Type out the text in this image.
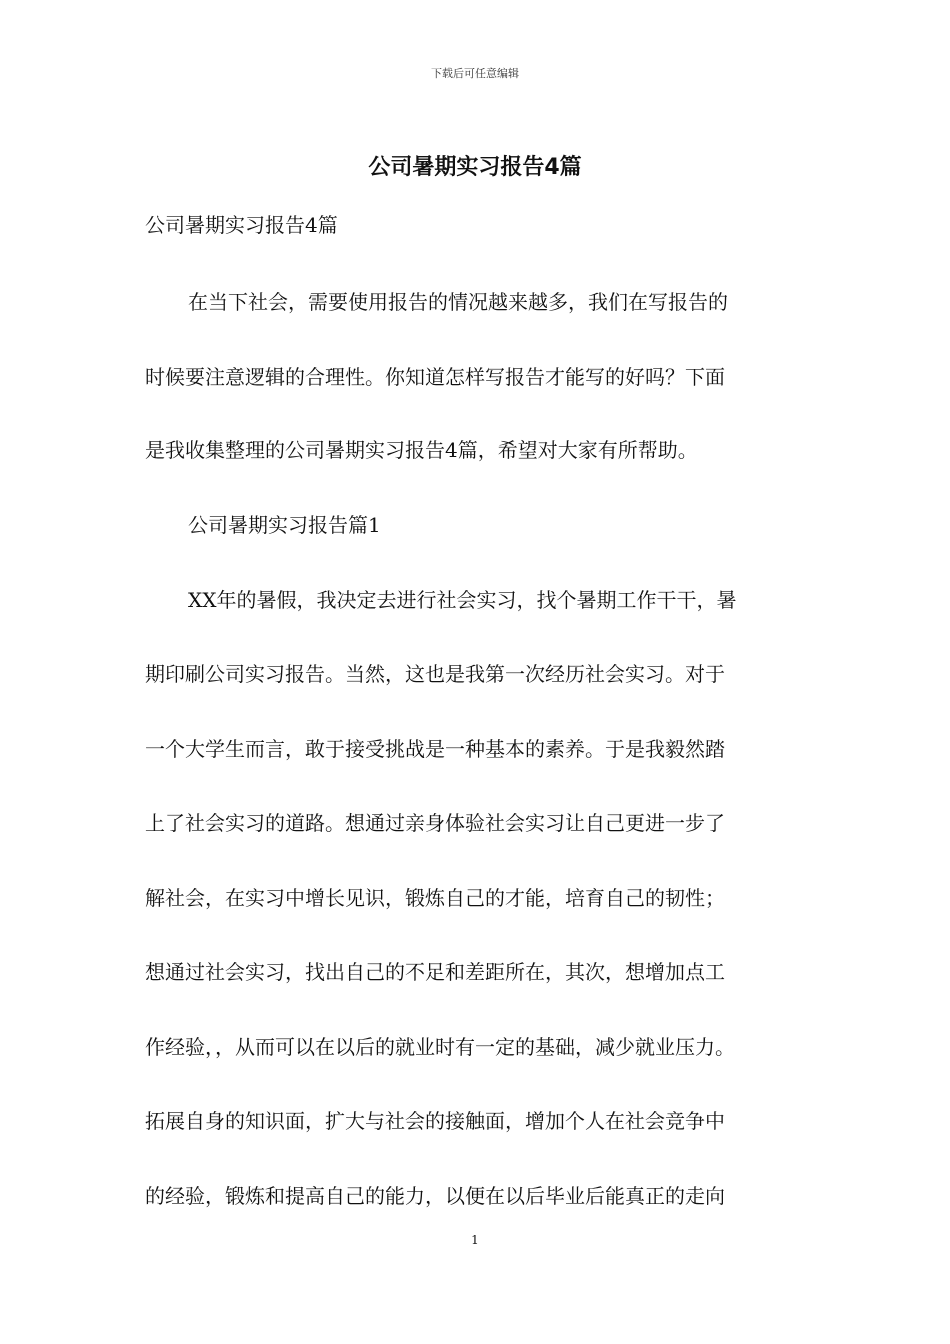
下载后可任意编辑
公司暑期实习报告4篇
公司暑期实习报告4篇
在当下社会，需要使用报告的情况越来越多，我们在写报告的
时候要注意逻辑的合理性。你知道怎样写报告才能写的好吗？下面
是我收集整理的公司暑期实习报告4篇，希望对大家有所帮助。
公司暑期实习报告篇1
XX年的暑假，我决定去进行社会实习，找个暑期工作干干，暑
期印刷公司实习报告。当然，这也是我第一次经历社会实习。对于
一个大学生而言，敢于接受挑战是一种基本的素养。于是我毅然踏
上了社会实习的道路。想通过亲身体验社会实习让自己更进一步了
解社会，在实习中增长见识，锻炼自己的才能，培育自己的韧性；
想通过社会实习，找出自己的不足和差距所在，其次，想增加点工
作经验，，从而可以在以后的就业时有一定的基础，减少就业压力。
拓展自身的知识面，扩大与社会的接触面，增加个人在社会竞争中
的经验，锻炼和提高自己的能力，以便在以后毕业后能真正的走向
1
